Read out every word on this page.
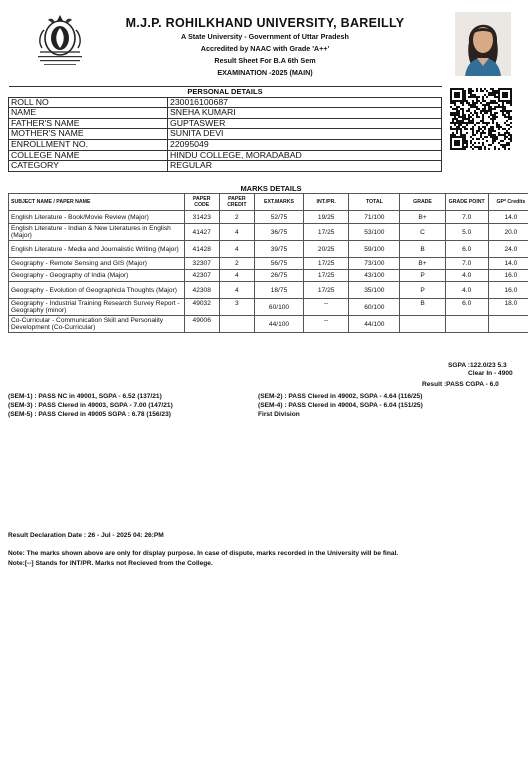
M.J.P. ROHILKHAND UNIVERSITY, BAREILLY
A State University - Government of Uttar Pradesh
Accredited by NAAC with Grade 'A++'
Result Sheet For B.A 6th Sem
EXAMINATION -2025 (MAIN)
PERSONAL DETAILS	
ROLL NO	230016100687
NAME	SNEHA KUMARI
FATHER'S NAME	GUPTASWER
MOTHER'S NAME	SUNITA DEVI
ENROLLMENT NO.	22095049
COLLEGE NAME	HINDU COLLEGE, MORADABAD
CATEGORY	REGULAR
MARKS DETAILS
SUBJECT NAME / PAPER NAME	PAPER CODE	PAPER CREDIT	EXT.MARKS	INT./PR.	TOTAL	GRADE	GRADE POINT	GP* Credits
English Literature - Book/Movie Review (Major)	31423	2	52/75	19/25	71/100	B+	7.0	14.0
English Literature - Indian & New Literatures in English (Major)	41427	4	36/75	17/25	53/100	C	5.0	20.0
English Literature - Media and Journalistic Writing (Major)	41428	4	39/75	20/25	59/100	B	6.0	24.0
Geography - Remote Sensing and GIS (Major)	32307	2	56/75	17/25	73/100	B+	7.0	14.0
Geography - Geography of India (Major)	42307	4	26/75	17/25	43/100	P	4.0	16.0
Geography - Evolution of Geographicla Thoughts (Major)	42308	4	18/75	17/25	35/100	P	4.0	16.0
Geography - Industrial Training Research Survey Report - Geography (minor)	49032	3	60/100	--	60/100	B	6.0	18.0
Co-Curricular - Communication Skill and Personality Development (Co-Curricular)	49006		44/100	--	44/100			
SGPA :122.0/23 5.3
Clear In - 4900
Result :PASS CGPA - 6.0
(SEM-1) : PASS NC in 49001, SGPA - 6.52 (137/21)
(SEM-3) : PASS Clered in 49003, SGPA - 7.00 (147/21)
(SEM-5) : PASS Clered in 49005 SGPA : 6.78 (156/23)
(SEM-2) : PASS Clered in 49002, SGPA - 4.64 (116/25)
(SEM-4) : PASS Clered in 49004, SGPA - 6.04 (151/25)
First Division
Result Declaration Date : 26 - Jul - 2025 04: 26:PM
Note: The marks shown above are only for display purpose. In case of dispute, marks recorded in the University will be final.
Note:[--] Stands for INT/PR. Marks not Recieved from the College.
